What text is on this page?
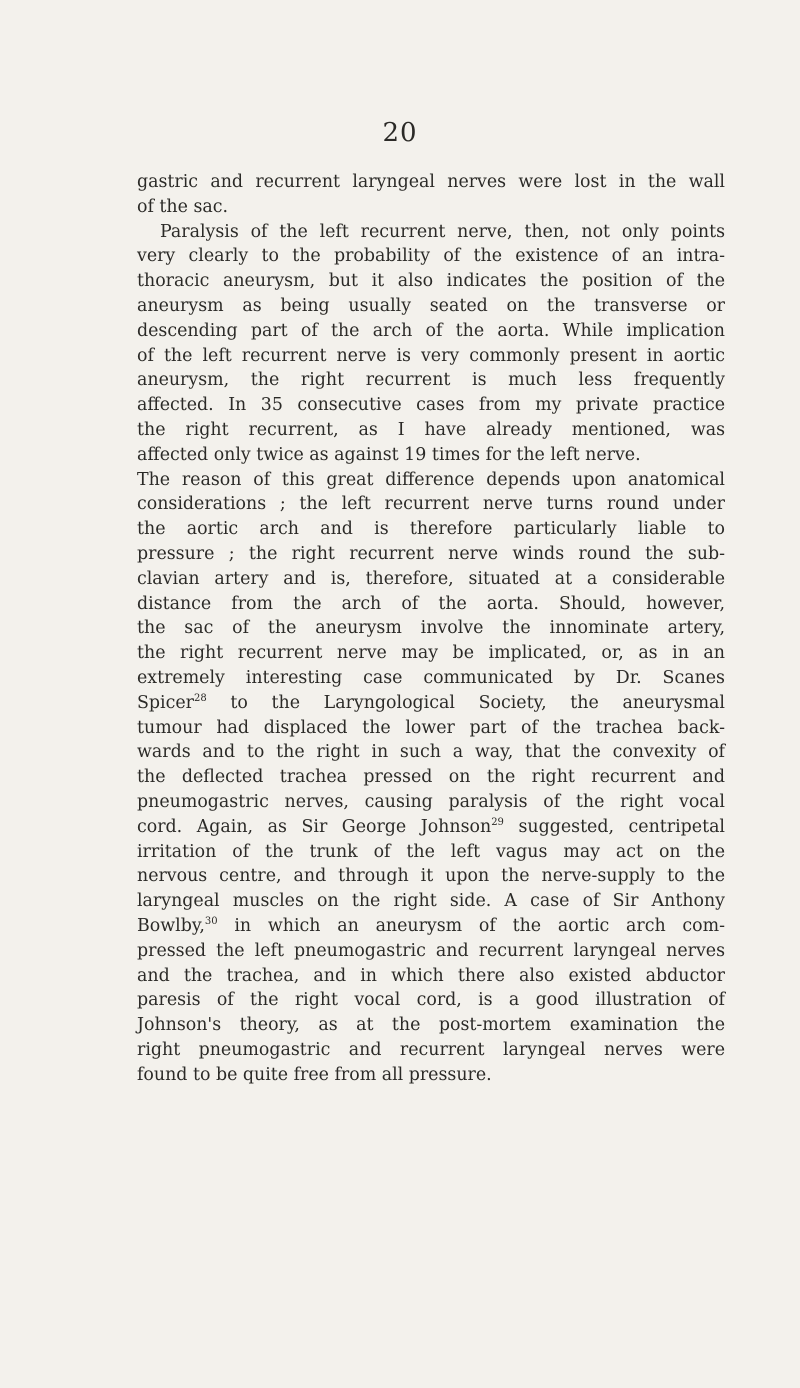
20
gastric and recurrent laryngeal nerves were lost in the wall
of the sac.
Paralysis of the left recurrent nerve, then, not only points
very clearly to the probability of the existence of an intra-
thoracic aneurysm, but it also indicates the position of the
aneurysm as being usually seated on the transverse or
descending part of the arch of the aorta. While implication
of the left recurrent nerve is very commonly present in aortic
aneurysm, the right recurrent is much less frequently
affected. In 35 consecutive cases from my private practice
the right recurrent, as I have already mentioned, was
affected only twice as against 19 times for the left nerve.
The reason of this great difference depends upon anatomical
considerations ; the left recurrent nerve turns round under
the aortic arch and is therefore particularly liable to
pressure ; the right recurrent nerve winds round the sub-
clavian artery and is, therefore, situated at a considerable
distance from the arch of the aorta. Should, however,
the sac of the aneurysm involve the innominate artery,
the right recurrent nerve may be implicated, or, as in an
extremely interesting case communicated by Dr. Scanes
Spicer$^{28}$ to the Laryngological Society, the aneurysmal
tumour had displaced the lower part of the trachea back-
wards and to the right in such a way, that the convexity of
the deflected trachea pressed on the right recurrent and
pneumogastric nerves, causing paralysis of the right vocal
cord. Again, as Sir George Johnson$^{29}$ suggested, centripetal
irritation of the trunk of the left vagus may act on the
nervous centre, and through it upon the nerve-supply to the
laryngeal muscles on the right side. A case of Sir Anthony
Bowlby,$^{30}$ in which an aneurysm of the aortic arch com-
pressed the left pneumogastric and recurrent laryngeal nerves
and the trachea, and in which there also existed abductor
paresis of the right vocal cord, is a good illustration of
Johnson's theory, as at the post-mortem examination the
right pneumogastric and recurrent laryngeal nerves were
found to be quite free from all pressure.
